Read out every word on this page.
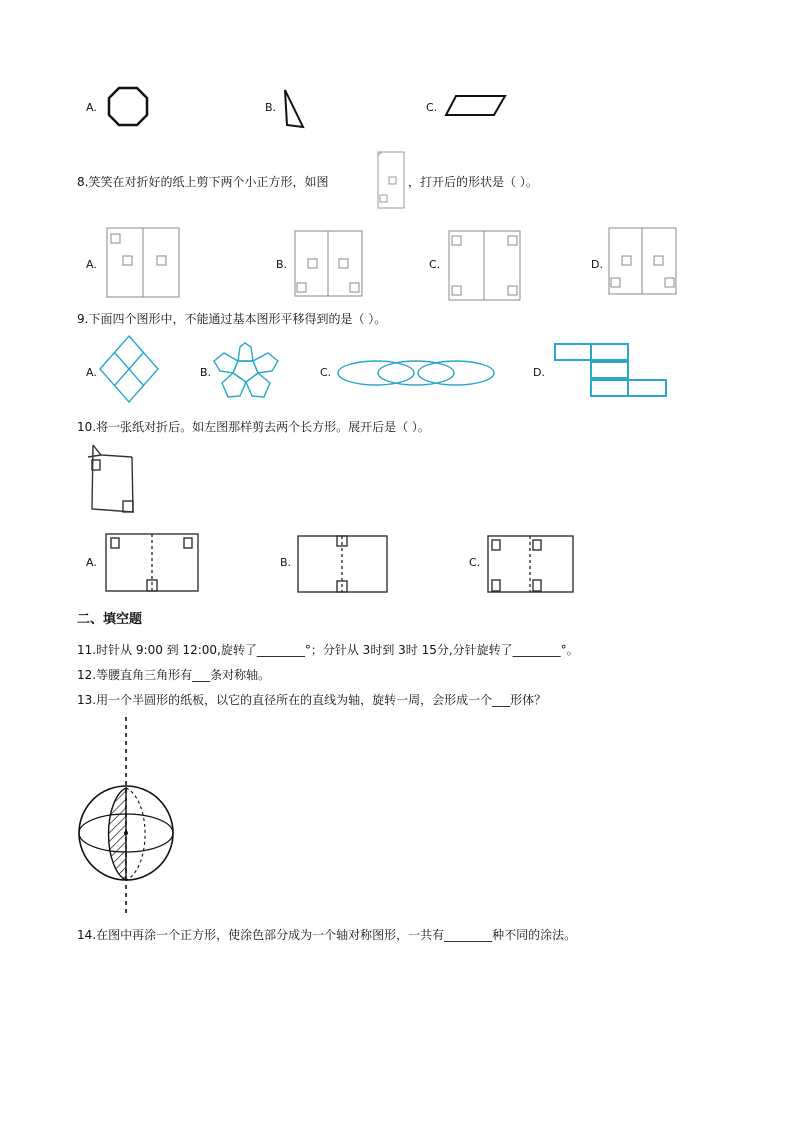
A.	B.	C.
8.笑笑在对折好的纸上剪下两个小正方形，如图	，打开后的形状是（ ）。
A.	B.	C.	D.
9.下面四个图形中，不能通过基本图形平移得到的是（ ）。
A.	B.	C.	D.
10.将一张纸对折后。如左图那样剪去两个长方形。展开后是（ ）。
A.	B.	C.
二、填空题
11.时针从 9:00 到 12:00,旋转了________°；分针从 3时到 3时 15分,分针旋转了________°。
12.等腰直角三角形有___条对称轴。
13.用一个半圆形的纸板，以它的直径所在的直线为轴，旋转一周，会形成一个___形体？
14.在图中再涂一个正方形，使涂色部分成为一个轴对称图形，一共有________种不同的涂法。
